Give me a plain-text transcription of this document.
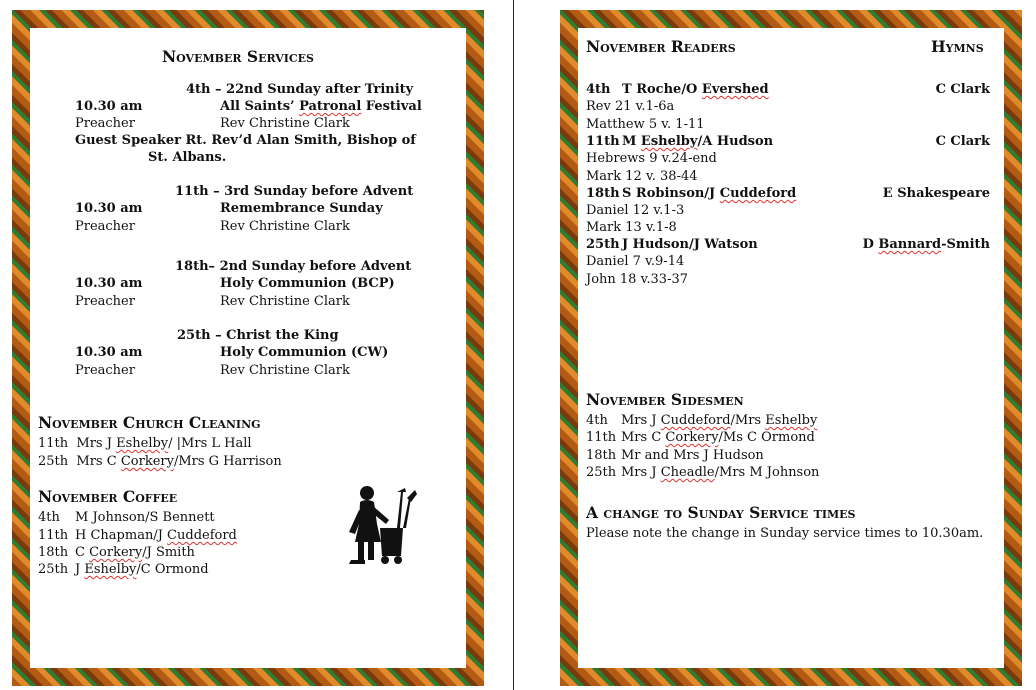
November Services
4th – 22nd Sunday after Trinity
10.30 am	All Saints’ Patronal Festival
Preacher	Rev Christine Clark
Guest Speaker Rt. Rev’d Alan Smith, Bishop of
St. Albans.
11th – 3rd Sunday before Advent
10.30 am	Remembrance Sunday
Preacher	Rev Christine Clark
18th– 2nd Sunday before Advent
10.30 am	Holy Communion (BCP)
Preacher	Rev Christine Clark
25th – Christ the King
10.30 am	Holy Communion (CW)
Preacher	Rev Christine Clark
November Church Cleaning
11th Mrs J Eshelby/ |Mrs L Hall
25th Mrs C Corkery/Mrs G Harrison
November Coffee
4th M Johnson/S Bennett
11th H Chapman/J Cuddeford
18th C Corkery/J Smith
25th J Eshelby/C Ormond
November Readers	Hymns
4th T Roche/O Evershed	C Clark
Rev 21 v.1-6a
Matthew 5 v. 1-11
11th M Eshelby/A Hudson	C Clark
Hebrews 9 v.24-end
Mark 12 v. 38-44
18th S Robinson/J Cuddeford	E Shakespeare
Daniel 12 v.1-3
Mark 13 v.1-8
25th J Hudson/J Watson	D Bannard-Smith
Daniel 7 v.9-14
John 18 v.33-37
November Sidesmen
4th Mrs J Cuddeford/Mrs Eshelby
11th Mrs C Corkery/Ms C Ormond
18th Mr and Mrs J Hudson
25th Mrs J Cheadle/Mrs M Johnson
A change to Sunday Service times
Please note the change in Sunday service times to 10.30am.
